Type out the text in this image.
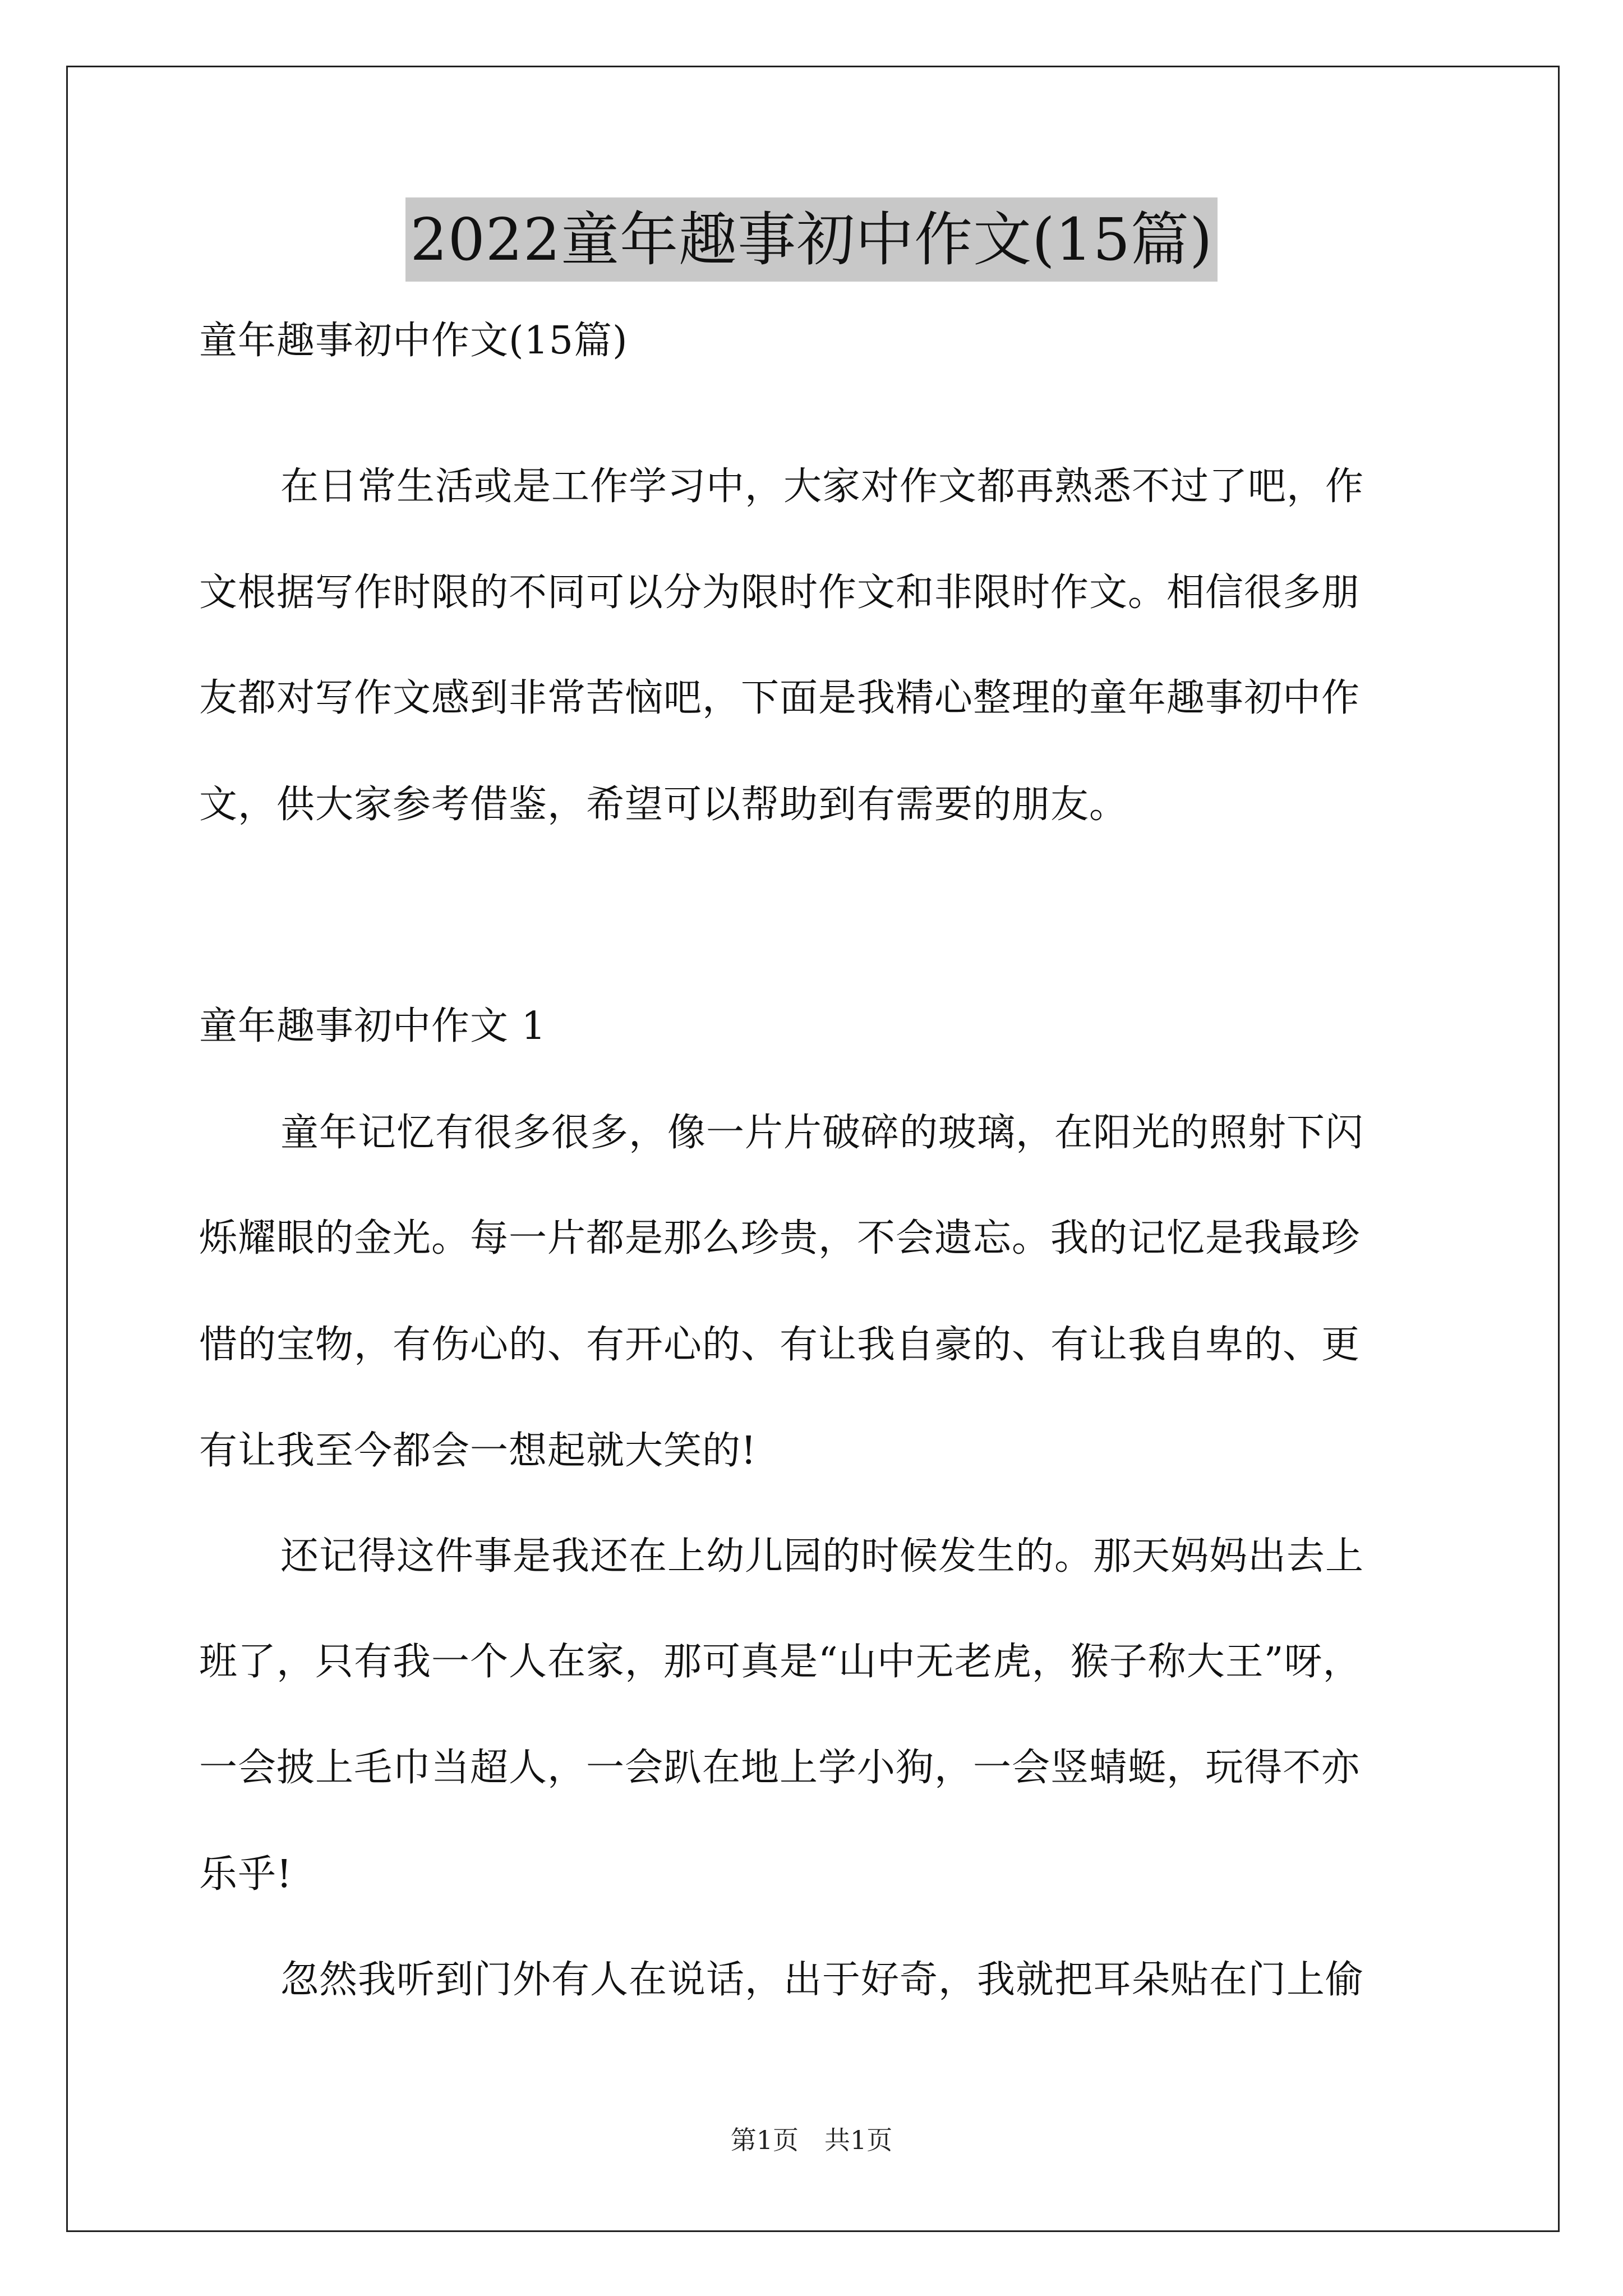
2022童年趣事初中作文(15篇)
童年趣事初中作文(15篇)
在日常生活或是工作学习中，大家对作文都再熟悉不过了吧，作
文根据写作时限的不同可以分为限时作文和非限时作文。相信很多朋
友都对写作文感到非常苦恼吧，下面是我精心整理的童年趣事初中作
文，供大家参考借鉴，希望可以帮助到有需要的朋友。
童年趣事初中作文 1
童年记忆有很多很多，像一片片破碎的玻璃，在阳光的照射下闪
烁耀眼的金光。每一片都是那么珍贵，不会遗忘。我的记忆是我最珍
惜的宝物，有伤心的、有开心的、有让我自豪的、有让我自卑的、更
有让我至今都会一想起就大笑的!
还记得这件事是我还在上幼儿园的时候发生的。那天妈妈出去上
班了，只有我一个人在家，那可真是“山中无老虎，猴子称大王”呀，
一会披上毛巾当超人，一会趴在地上学小狗，一会竖蜻蜓，玩得不亦
乐乎!
忽然我听到门外有人在说话，出于好奇，我就把耳朵贴在门上偷
第1页　共1页
